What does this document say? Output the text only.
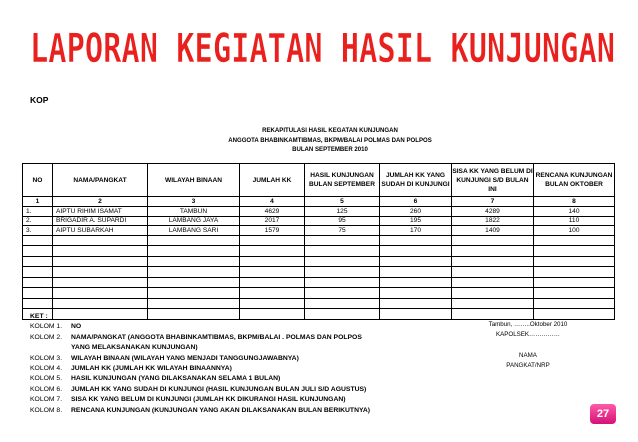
LAPORAN KEGIATAN HASIL KUNJUNGAN
KOP
REKAPITULASI HASIL KEGATAN KUNJUNGAN
ANGGOTA BHABINKAMTIBMAS, BKPM/BALAI POLMAS DAN POLPOS
BULAN SEPTEMBER 2010
NO	NAMA/PANGKAT	WILAYAH BINAAN	JUMLAH KK	HASIL KUNJUNGAN BULAN SEPTEMBER	JUMLAH KK YANG SUDAH DI KUNJUNGI	SISA KK YANG BELUM DI KUNJUNGI S/D BULAN INI	RENCANA KUNJUNGAN BULAN OKTOBER
1	2	3	4	5	6	7	8
1.	AIPTU RIHIM ISAMAT	TAMBUN	4629	125	260	4289	140
2.	BRIGADIR A. SUPARDI	LAMBANG JAYA	2017	95	195	1822	110
3.	AIPTU SUBARKAH	LAMBANG SARI	1579	75	170	1409	100

KET :
KOLOM 1.	NO
KOLOM 2.	NAMA/PANGKAT (ANGGOTA BHABINKAMTIBMAS, BKPM/BALAI . POLMAS DAN POLPOS
YANG MELAKSANAKAN KUNJUNGAN)
KOLOM 3.	WILAYAH BINAAN (WILAYAH YANG MENJADI TANGGUNGJAWABNYA)
KOLOM 4.	JUMLAH KK (JUMLAH KK WILAYAH BINAANNYA)
KOLOM 5.	HASIL KUNJUNGAN (YANG DILAKSANAKAN SELAMA 1 BULAN)
KOLOM 6.	JUMLAH KK YANG SUDAH DI KUNJUNGI (HASIL KUNJUNGAN BULAN JULI S/D AGUSTUS)
KOLOM 7.	SISA KK YANG BELUM DI KUNJUNGI (JUMLAH KK DIKURANGI HASIL KUNJUNGAN)
KOLOM 8.	RENCANA KUNJUNGAN (KUNJUNGAN YANG AKAN DILAKSANAKAN BULAN BERIKUTNYA)
Tambun, ……..Oktober 2010
KAPOLSEK……………
NAMA
PANGKAT/NRP
27
